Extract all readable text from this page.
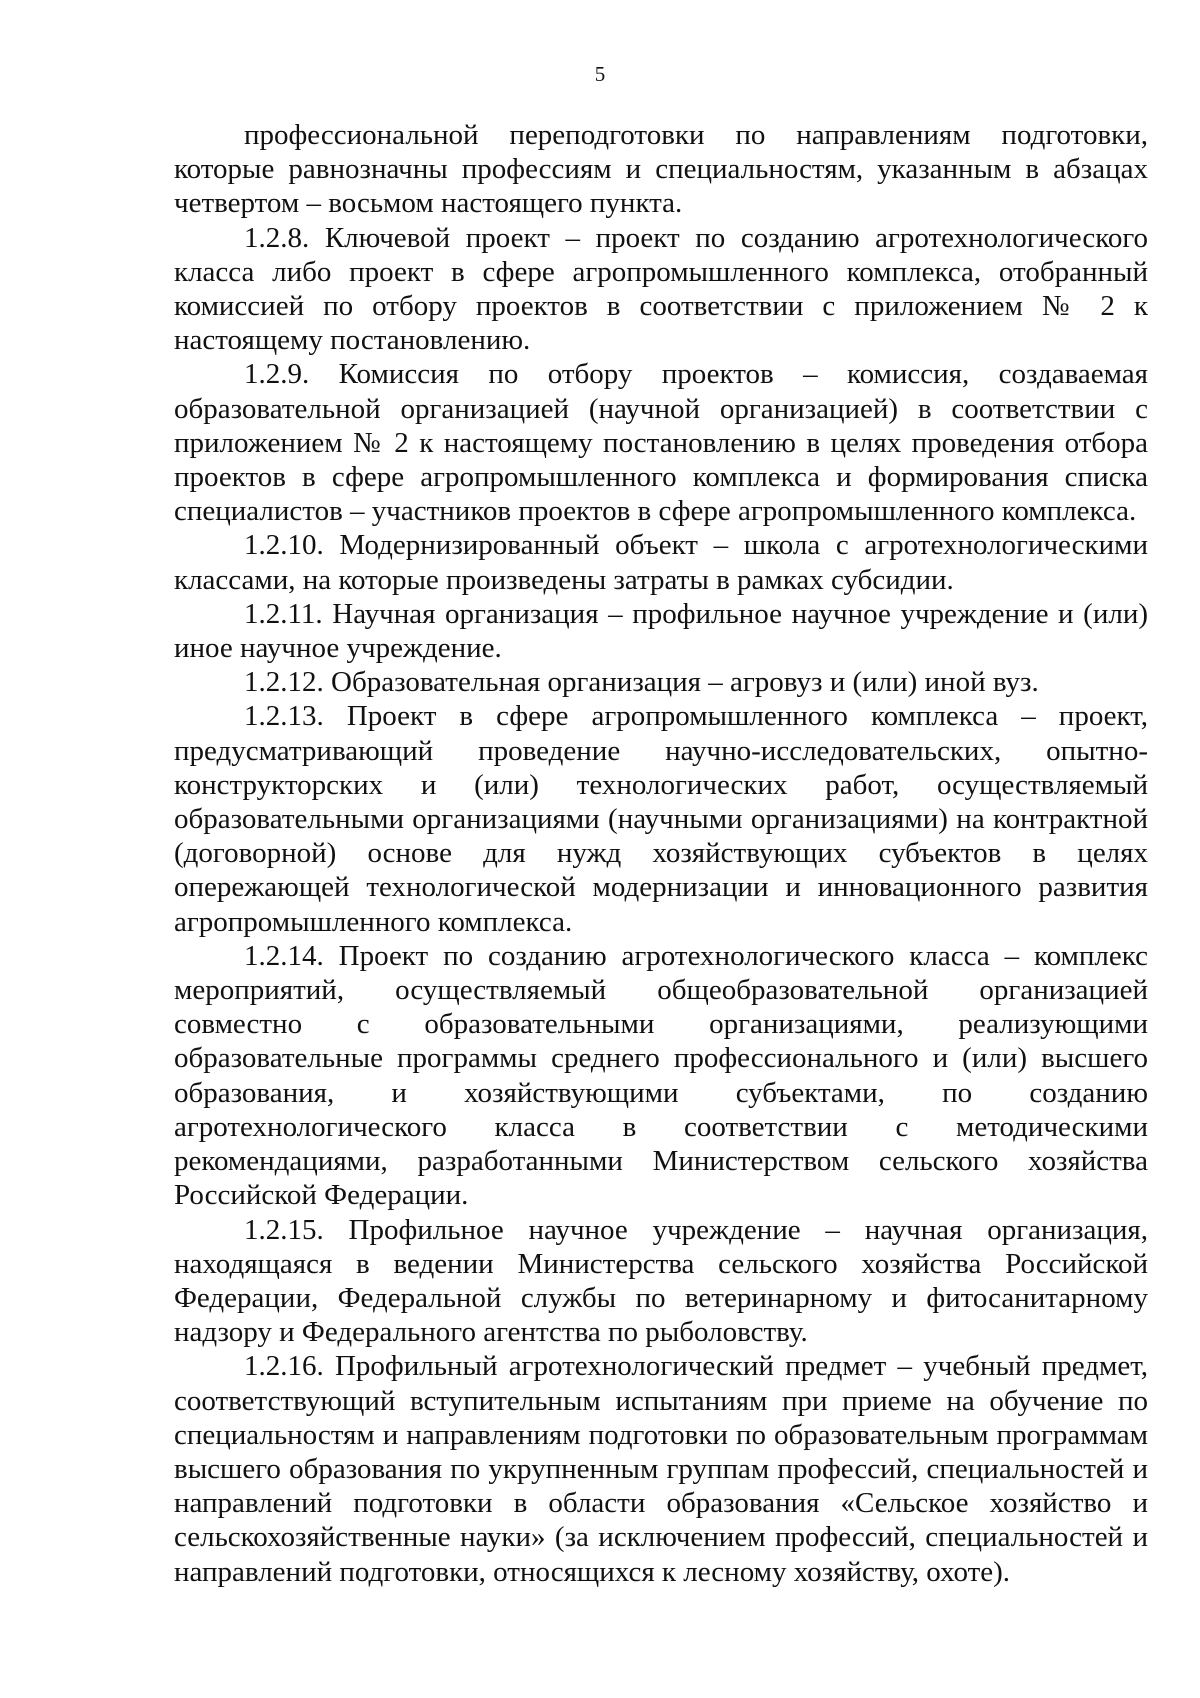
5

профессиональной переподготовки по направлениям подготовки, которые равнозначны профессиям и специальностям, указанным в абзацах четвертом – восьмом настоящего пункта.

1.2.8. Ключевой проект – проект по созданию агротехнологического класса либо проект в сфере агропромышленного комплекса, отобранный комиссией по отбору проектов в соответствии с приложением № 2 к настоящему постановлению.

1.2.9. Комиссия по отбору проектов – комиссия, создаваемая образовательной организацией (научной организацией) в соответствии с приложением № 2 к настоящему постановлению в целях проведения отбора проектов в сфере агропромышленного комплекса и формирования списка специалистов – участников проектов в сфере агропромышленного комплекса.

1.2.10. Модернизированный объект – школа с агротехнологическими классами, на которые произведены затраты в рамках субсидии.

1.2.11. Научная организация – профильное научное учреждение и (или) иное научное учреждение.

1.2.12. Образовательная организация – агровуз и (или) иной вуз.

1.2.13. Проект в сфере агропромышленного комплекса – проект, предусматривающий проведение научно-исследовательских, опытно-конструкторских и (или) технологических работ, осуществляемый образовательными организациями (научными организациями) на контрактной (договорной) основе для нужд хозяйствующих субъектов в целях опережающей технологической модернизации и инновационного развития агропромышленного комплекса.

1.2.14. Проект по созданию агротехнологического класса – комплекс мероприятий, осуществляемый общеобразовательной организацией совместно с образовательными организациями, реализующими образовательные программы среднего профессионального и (или) высшего образования, и хозяйствующими субъектами, по созданию агротехнологического класса в соответствии с методическими рекомендациями, разработанными Министерством сельского хозяйства Российской Федерации.

1.2.15. Профильное научное учреждение – научная организация, находящаяся в ведении Министерства сельского хозяйства Российской Федерации, Федеральной службы по ветеринарному и фитосанитарному надзору и Федерального агентства по рыболовству.

1.2.16. Профильный агротехнологический предмет – учебный предмет, соответствующий вступительным испытаниям при приеме на обучение по специальностям и направлениям подготовки по образовательным программам высшего образования по укрупненным группам профессий, специальностей и направлений подготовки в области образования «Сельское хозяйство и сельскохозяйственные науки» (за исключением профессий, специальностей и направлений подготовки, относящихся к лесному хозяйству, охоте).
